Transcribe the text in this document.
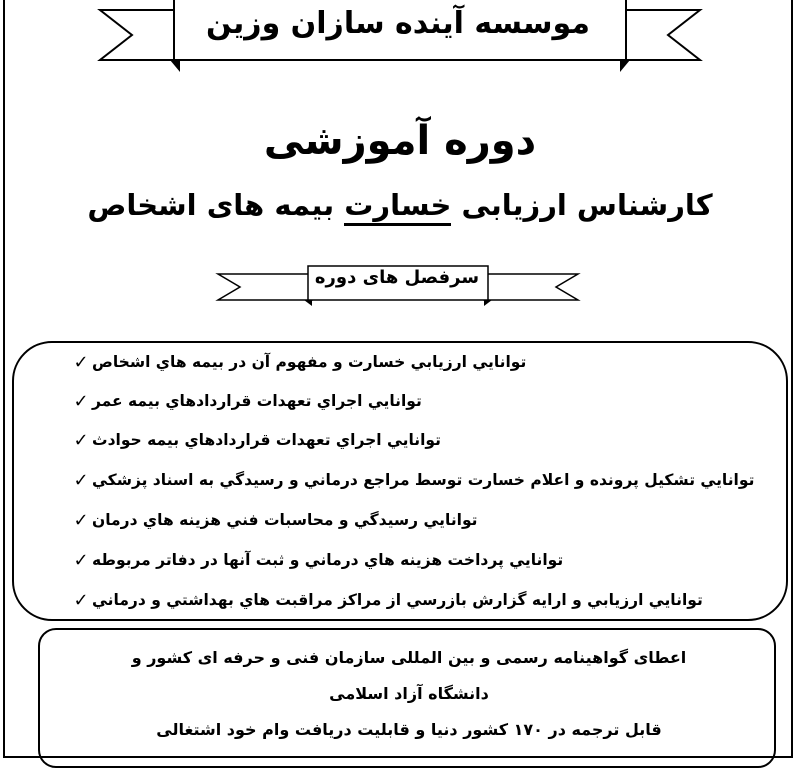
موسسه آینده سازان وزین
دوره آموزشی
کارشناس ارزیابی خسارت بیمه های اشخاص
سرفصل های دوره
✓ توانايي ارزيابي خسارت و مفهوم آن در بيمه هاي اشخاص
✓ توانايي اجراي تعهدات قراردادهاي بيمه عمر
✓ توانايي اجراي تعهدات قراردادهاي بيمه حوادث
✓ توانايي تشكيل پرونده و اعلام خسارت توسط مراجع درماني و رسيدگي به اسناد پزشكي
✓ توانايي رسيدگي و محاسبات فني هزينه هاي درمان
✓ توانايي پرداخت هزينه هاي درماني و ثبت آنها در دفاتر مربوطه
✓ توانايي ارزيابي و ارايه گزارش بازرسي از مراكز مراقبت هاي بهداشتي و درماني
اعطای گواهینامه رسمی و بین المللی سازمان فنی و حرفه ای کشور و
دانشگاه آزاد اسلامی
قابل ترجمه در ۱۷۰ کشور دنیا و قابلیت دریافت وام خود اشتغالی
